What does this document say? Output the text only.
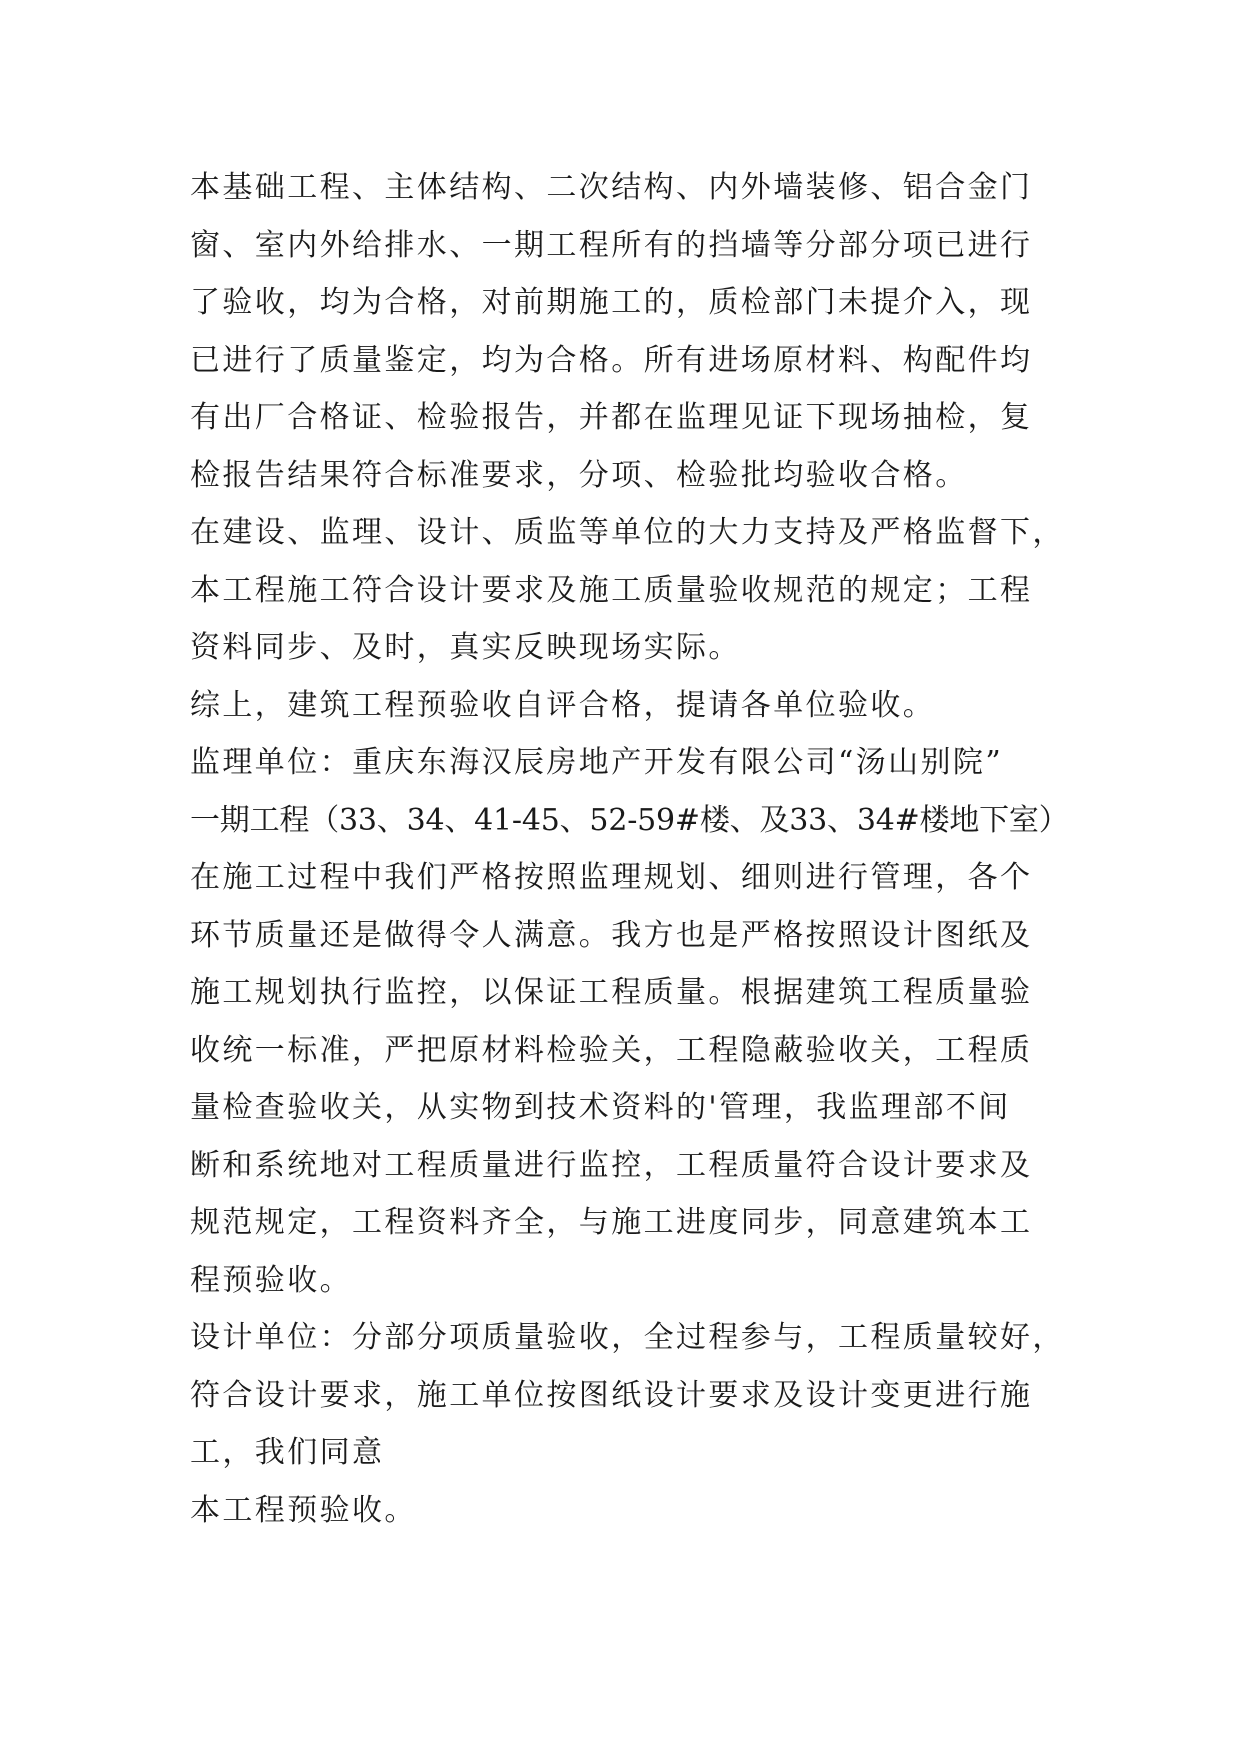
本基础工程、主体结构、二次结构、内外墙装修、铝合金门
窗、室内外给排水、一期工程所有的挡墙等分部分项已进行
了验收，均为合格，对前期施工的，质检部门未提介入，现
已进行了质量鉴定，均为合格。所有进场原材料、构配件均
有出厂合格证、检验报告，并都在监理见证下现场抽检，复
检报告结果符合标准要求，分项、检验批均验收合格。
在建设、监理、设计、质监等单位的大力支持及严格监督下，
本工程施工符合设计要求及施工质量验收规范的规定；工程
资料同步、及时，真实反映现场实际。
综上，建筑工程预验收自评合格，提请各单位验收。
监理单位：重庆东海汉辰房地产开发有限公司“汤山别院”
一期工程（33、34、41-45、52-59#楼、及33、34#楼地下室）
在施工过程中我们严格按照监理规划、细则进行管理，各个
环节质量还是做得令人满意。我方也是严格按照设计图纸及
施工规划执行监控，以保证工程质量。根据建筑工程质量验
收统一标准，严把原材料检验关，工程隐蔽验收关，工程质
量检查验收关，从实物到技术资料的'管理，我监理部不间
断和系统地对工程质量进行监控，工程质量符合设计要求及
规范规定，工程资料齐全，与施工进度同步，同意建筑本工
程预验收。
设计单位：分部分项质量验收，全过程参与，工程质量较好，
符合设计要求，施工单位按图纸设计要求及设计变更进行施
工，我们同意
本工程预验收。
